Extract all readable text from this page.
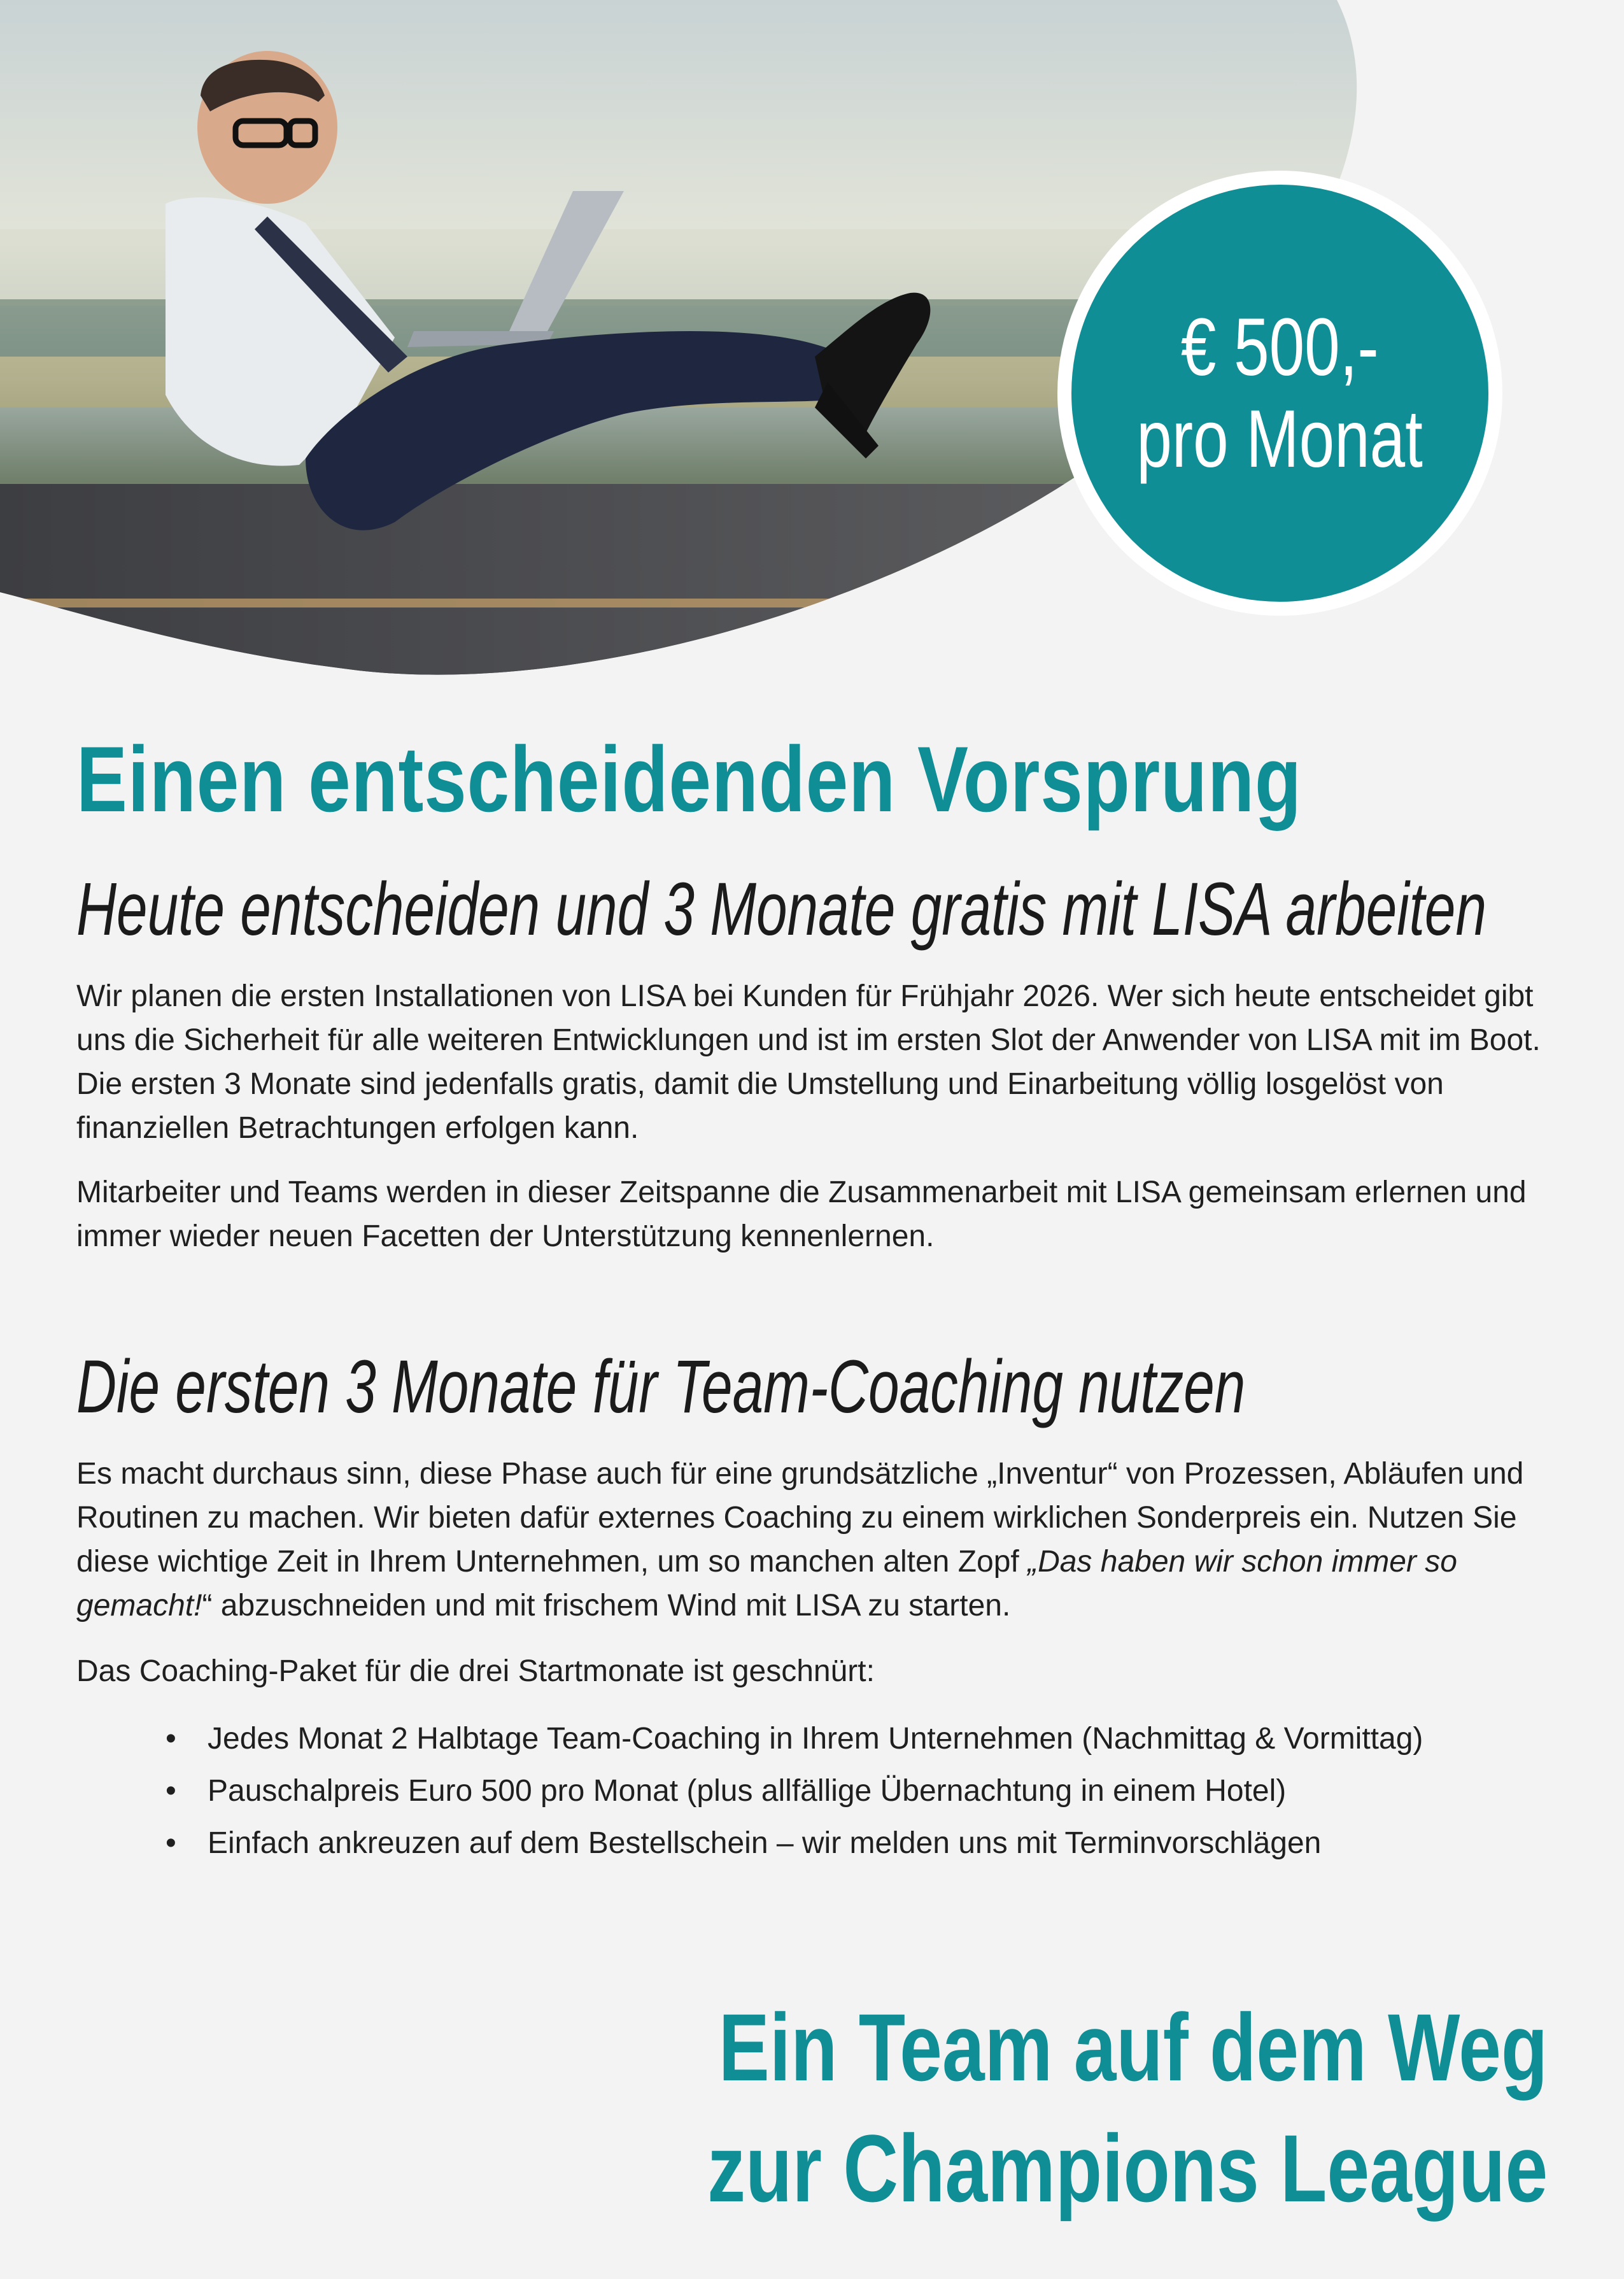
€ 500,-
pro Monat
Einen entscheidenden Vorsprung
Heute entscheiden und 3 Monate gratis mit LISA arbeiten

Wir planen die ersten Installationen von LISA bei Kunden für Frühjahr 2026. Wer sich heute entscheidet gibt uns die Sicherheit für alle weiteren Entwicklungen und ist im ersten Slot der Anwender von LISA mit im Boot. Die ersten 3 Monate sind jedenfalls gratis, damit die Umstellung und Einarbeitung völlig losgelöst von finanziellen Betrachtungen erfolgen kann.

Mitarbeiter und Teams werden in dieser Zeitspanne die Zusammenarbeit mit LISA gemeinsam erlernen und immer wieder neuen Facetten der Unterstützung kennenlernen.

Die ersten 3 Monate für Team-Coaching nutzen

Es macht durchaus sinn, diese Phase auch für eine grundsätzliche „Inventur“ von Prozessen, Abläufen und Routinen zu machen. Wir bieten dafür externes Coaching zu einem wirklichen Sonderpreis ein. Nutzen Sie diese wichtige Zeit in Ihrem Unternehmen, um so manchen alten Zopf „Das haben wir schon immer so gemacht!“ abzuschneiden und mit frischem Wind mit LISA zu starten.

Das Coaching-Paket für die drei Startmonate ist geschnürt:

• Jedes Monat 2 Halbtage Team-Coaching in Ihrem Unternehmen (Nachmittag & Vormittag)
• Pauschalpreis Euro 500 pro Monat (plus allfällige Übernachtung in einem Hotel)
• Einfach ankreuzen auf dem Bestellschein – wir melden uns mit Terminvorschlägen
Ein Team auf dem Weg
zur Champions League
